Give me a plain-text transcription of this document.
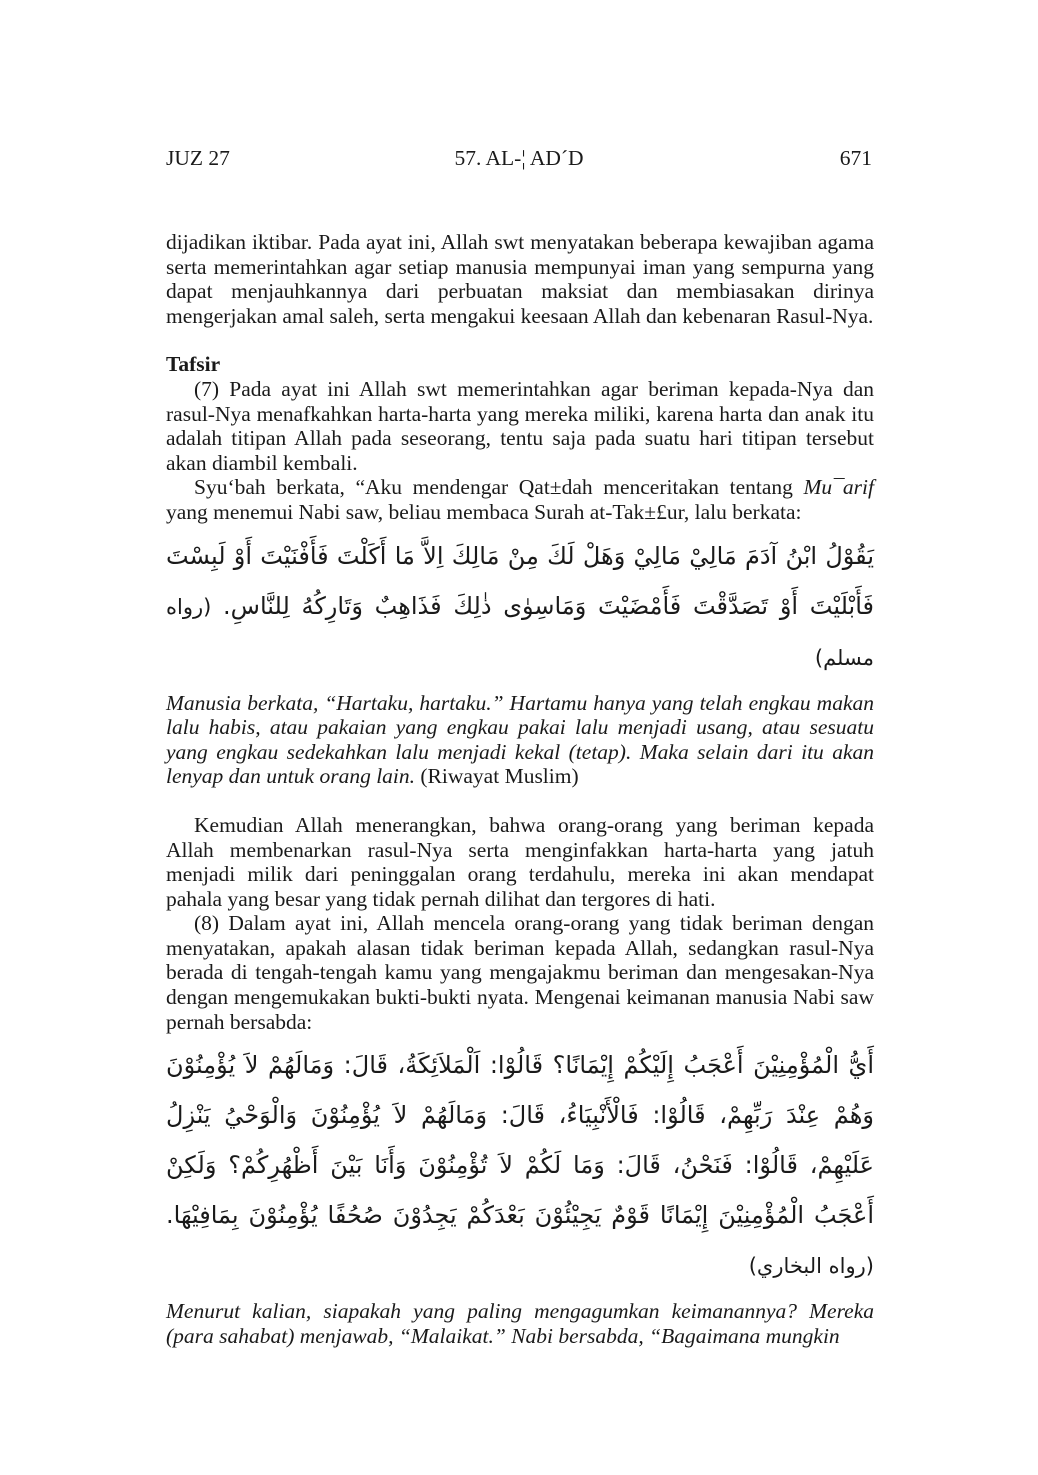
JUZ 27	57. AL-¦ AD´D	671

dijadikan iktibar. Pada ayat ini, Allah swt menyatakan beberapa kewajiban agama serta memerintahkan agar setiap manusia mempunyai iman yang sempurna yang dapat menjauhkannya dari perbuatan maksiat dan membiasakan dirinya mengerjakan amal saleh, serta mengakui keesaan Allah dan kebenaran Rasul-Nya.

Tafsir

(7) Pada ayat ini Allah swt memerintahkan agar beriman kepada-Nya dan rasul-Nya menafkahkan harta-harta yang mereka miliki, karena harta dan anak itu adalah titipan Allah pada seseorang, tentu saja pada suatu hari titipan tersebut akan diambil kembali.

Syu‘bah berkata, “Aku mendengar Qat±dah menceritakan tentang Mu¯arif yang menemui Nabi saw, beliau membaca Surah at-Tak±£ur, lalu berkata:

يَقُوْلُ ابْنُ آدَمَ مَالِيْ مَالِيْ وَهَلْ لَكَ مِنْ مَالِكَ اِلاَّ مَا أَكَلْتَ فَأَفْنَيْتَ أَوْ لَبِسْتَ فَأَبْلَيْتَ أَوْ تَصَدَّقْتَ فَأَمْضَيْتَ وَمَاسِوٰى ذٰلِكَ فَذَاهِبٌ وَتَارِكُهُ لِلنَّاسِ. (رواه مسلم)

Manusia berkata, “Hartaku, hartaku.” Hartamu hanya yang telah engkau makan lalu habis, atau pakaian yang engkau pakai lalu menjadi usang, atau sesuatu yang engkau sedekahkan lalu menjadi kekal (tetap). Maka selain dari itu akan lenyap dan untuk orang lain. (Riwayat Muslim)

Kemudian Allah menerangkan, bahwa orang-orang yang beriman kepada Allah membenarkan rasul-Nya serta menginfakkan harta-harta yang jatuh menjadi milik dari peninggalan orang terdahulu, mereka ini akan mendapat pahala yang besar yang tidak pernah dilihat dan tergores di hati.

(8) Dalam ayat ini, Allah mencela orang-orang yang tidak beriman dengan menyatakan, apakah alasan tidak beriman kepada Allah, sedangkan rasul-Nya berada di tengah-tengah kamu yang mengajakmu beriman dan mengesakan-Nya dengan mengemukakan bukti-bukti nyata. Mengenai keimanan manusia Nabi saw pernah bersabda:

أَيُّ الْمُؤْمِنِيْنَ أَعْجَبُ إِلَيْكُمْ إِيْمَانًا؟ قَالُوْا: اَلْمَلاَئِكَةُ، قَالَ: وَمَالَهُمْ لاَ يُؤْمِنُوْنَ وَهُمْ عِنْدَ رَبِّهِمْ، قَالُوْا: فَالْأَنْبِيَاءُ، قَالَ: وَمَالَهُمْ لاَ يُؤْمِنُوْنَ وَالْوَحْيُ يَنْزِلُ عَلَيْهِمْ، قَالُوْا: فَنَحْنُ، قَالَ: وَمَا لَكُمْ لاَ تُؤْمِنُوْنَ وَأَنَا بَيْنَ أَظْهُرِكُمْ؟ وَلَكِنْ أَعْجَبُ الْمُؤْمِنِيْنَ إِيْمَانًا قَوْمٌ يَجِيْئُوْنَ بَعْدَكُمْ يَجِدُوْنَ صُحُفًا يُؤْمِنُوْنَ بِمَافِيْهَا. (رواه البخاري)

Menurut kalian, siapakah yang paling mengagumkan keimanannya? Mereka (para sahabat) menjawab, “Malaikat.” Nabi bersabda, “Bagaimana mungkin
